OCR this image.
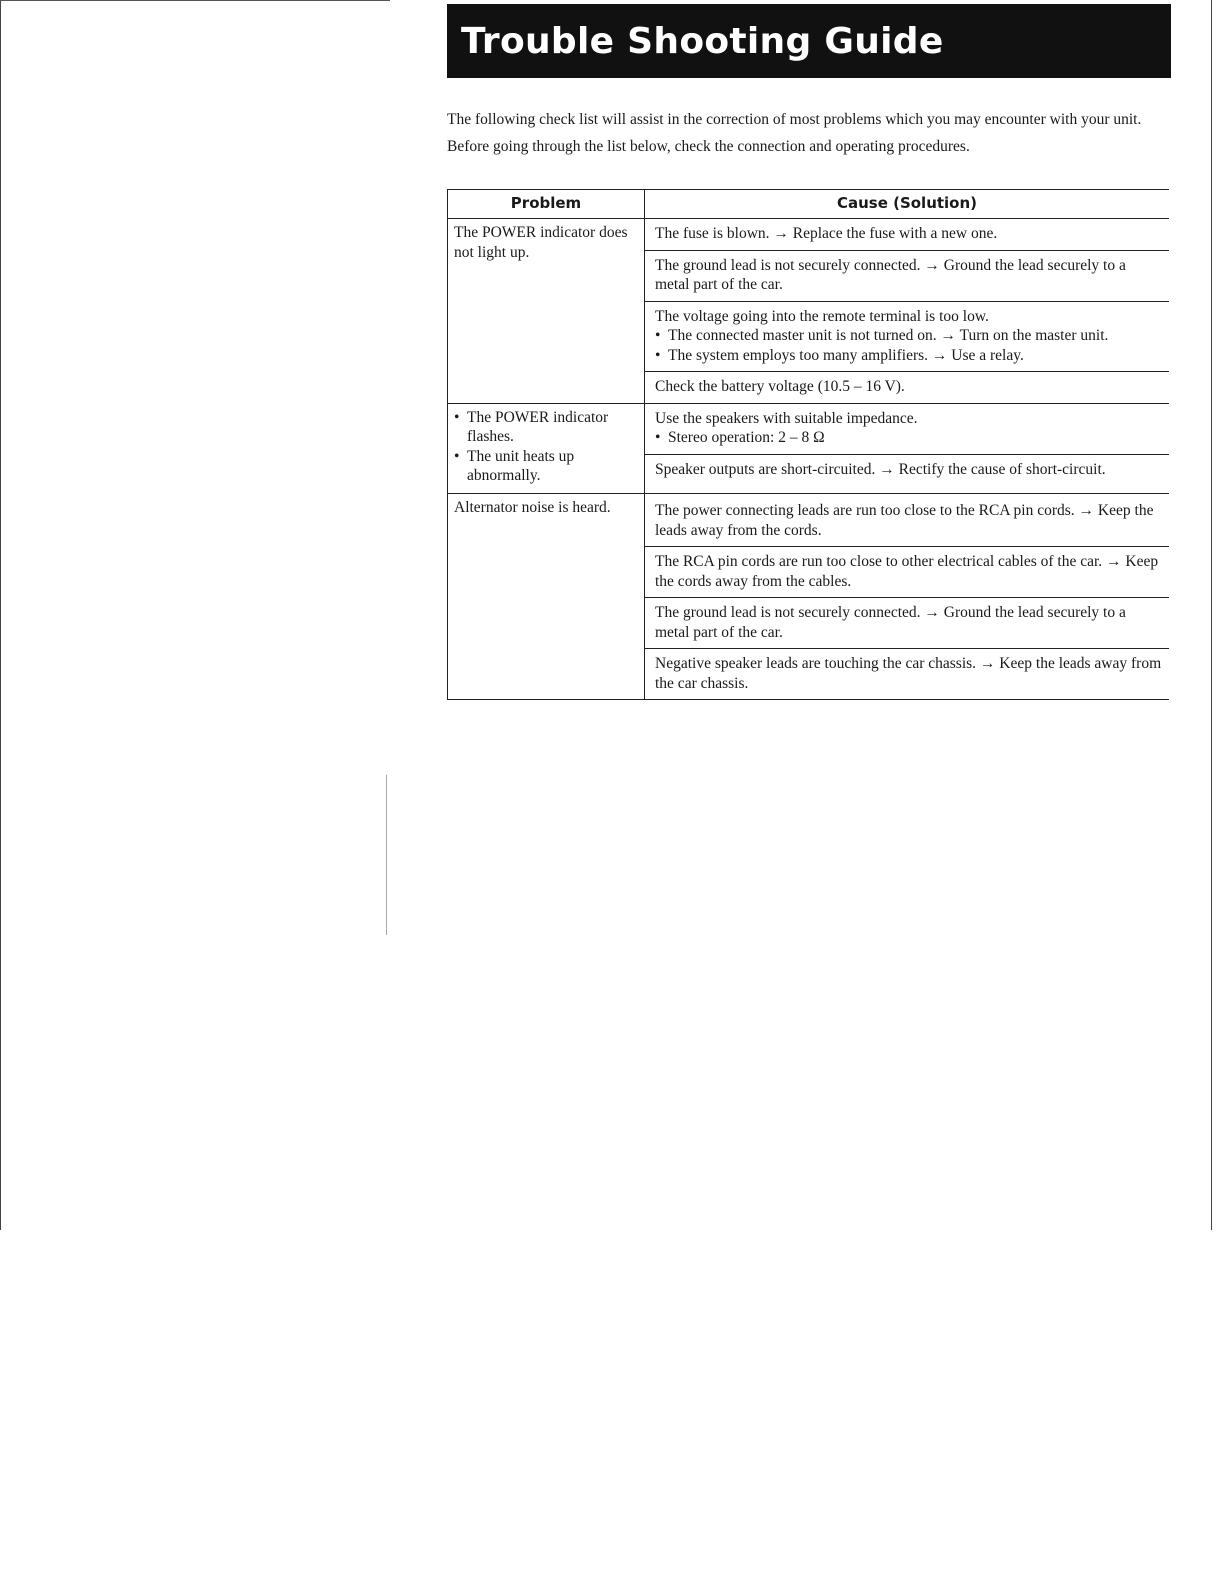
Trouble Shooting Guide

The following check list will assist in the correction of most problems which you may encounter with your unit.

Before going through the list below, check the connection and operating procedures.

Problem	Cause (Solution)
The POWER indicator does not light up.	The fuse is blown. → Replace the fuse with a new one.
	The ground lead is not securely connected. → Ground the lead securely to a metal part of the car.
	The voltage going into the remote terminal is too low.
• The connected master unit is not turned on. → Turn on the master unit.
• The system employs too many amplifiers. → Use a relay.

	Check the battery voltage (10.5 – 16 V).

• The POWER indicator flashes.
• The unit heats up abnormally.	Use the speakers with suitable impedance.
• Stereo operation: 2 – 8 Ω

	Speaker outputs are short-circuited. → Rectify the cause of short-circuit.
Alternator noise is heard.	The power connecting leads are run too close to the RCA pin cords. → Keep the leads away from the cords.
	The RCA pin cords are run too close to other electrical cables of the car. → Keep the cords away from the cables.
	The ground lead is not securely connected. → Ground the lead securely to a metal part of the car.
	Negative speaker leads are touching the car chassis. → Keep the leads away from the car chassis.
